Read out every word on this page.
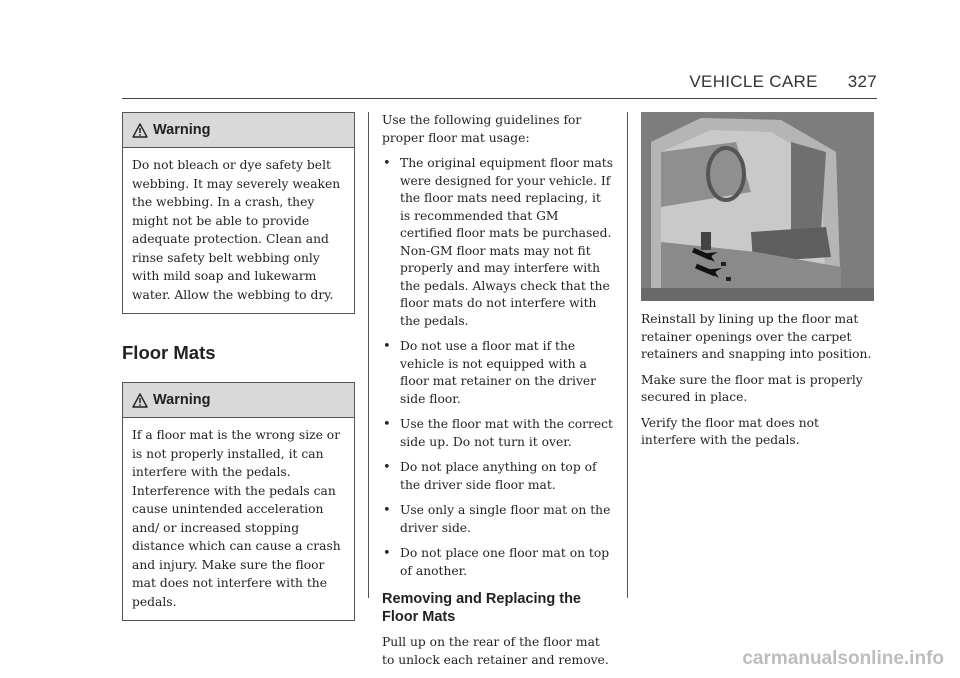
VEHICLE CARE 327
Warning
Do not bleach or dye safety belt webbing. It may severely weaken the webbing. In a crash, they might not be able to provide adequate protection. Clean and rinse safety belt webbing only with mild soap and lukewarm water. Allow the webbing to dry.
Floor Mats
Warning
If a floor mat is the wrong size or is not properly installed, it can interfere with the pedals. Interference with the pedals can cause unintended acceleration and/ or increased stopping distance which can cause a crash and injury. Make sure the floor mat does not interfere with the pedals.

Use the following guidelines for proper floor mat usage:

• The original equipment floor mats were designed for your vehicle. If the floor mats need replacing, it is recommended that GM certified floor mats be purchased. Non-GM floor mats may not fit properly and may interfere with the pedals. Always check that the floor mats do not interfere with the pedals.
• Do not use a floor mat if the vehicle is not equipped with a floor mat retainer on the driver side floor.
• Use the floor mat with the correct side up. Do not turn it over.
• Do not place anything on top of the driver side floor mat.
• Use only a single floor mat on the driver side.
• Do not place one floor mat on top of another.
Removing and Replacing the Floor Mats

Pull up on the rear of the floor mat to unlock each retainer and remove.

Reinstall by lining up the floor mat retainer openings over the carpet retainers and snapping into position.

Make sure the floor mat is properly secured in place.

Verify the floor mat does not interfere with the pedals.

carmanualsonline.info
